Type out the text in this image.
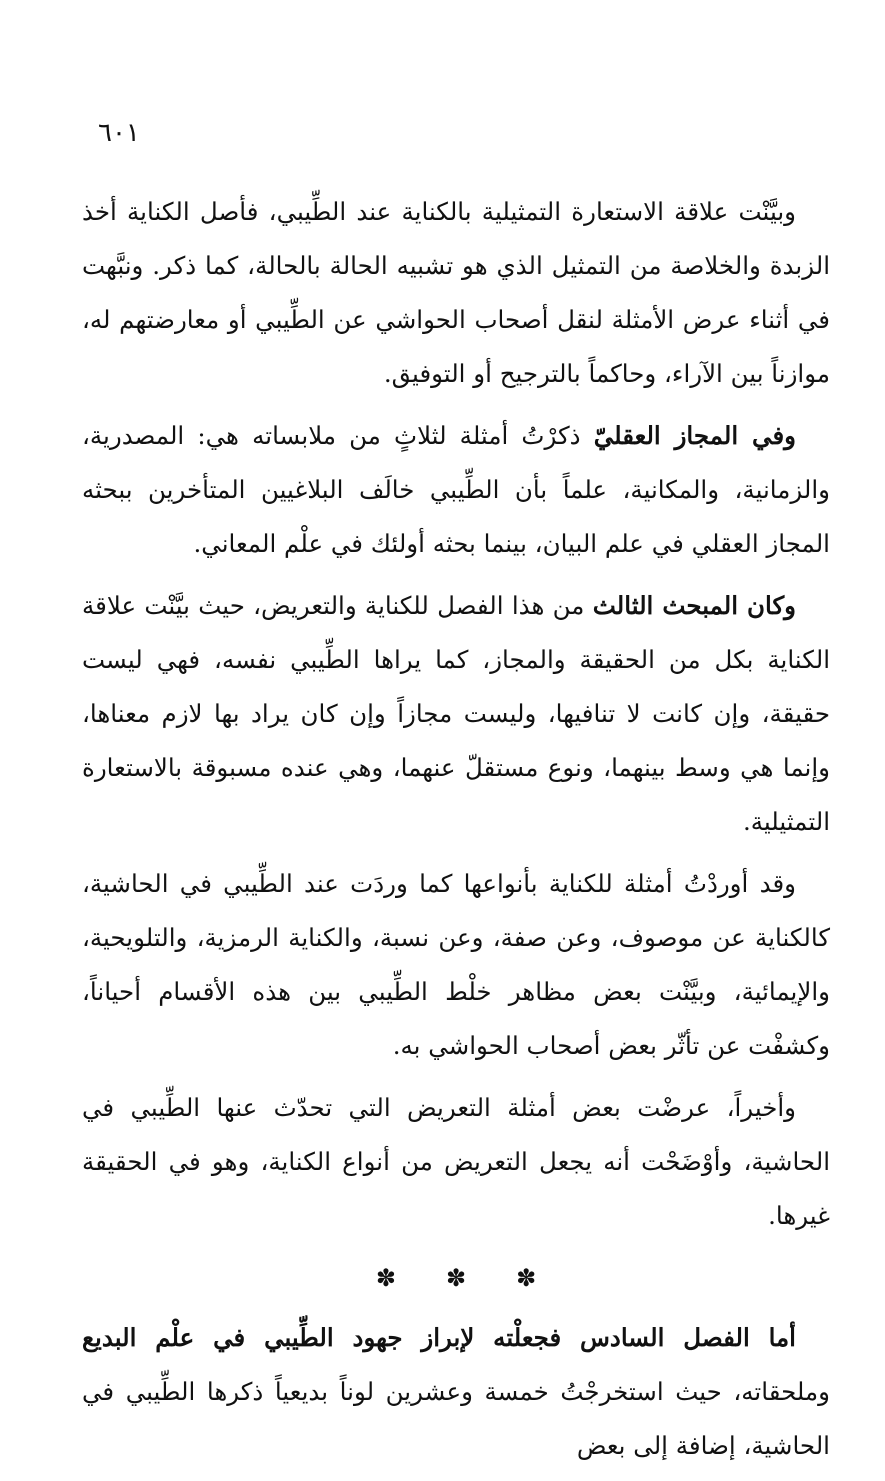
٦٠١

وبيَّنْت علاقة الاستعارة التمثيلية بالكناية عند الطِّيبي، فأصل الكناية أخذ الزبدة والخلاصة من التمثيل الذي هو تشبيه الحالة بالحالة، كما ذكر. ونبَّهت في أثناء عرض الأمثلة لنقل أصحاب الحواشي عن الطِّيبي أو معارضتهم له، موازناً بين الآراء، وحاكماً بالترجيح أو التوفيق.

وفي المجاز العقليّ ذكرْتُ أمثلة لثلاثٍ من ملابساته هي: المصدرية، والزمانية، والمكانية، علماً بأن الطِّيبي خالَف البلاغيين المتأخرين ببحثه المجاز العقلي في علم البيان، بينما بحثه أولئك في علْم المعاني.

وكان المبحث الثالث من هذا الفصل للكناية والتعريض، حيث بيَّنْت علاقة الكناية بكل من الحقيقة والمجاز، كما يراها الطِّيبي نفسه، فهي ليست حقيقة، وإن كانت لا تنافيها، وليست مجازاً وإن كان يراد بها لازم معناها، وإنما هي وسط بينهما، ونوع مستقلّ عنهما، وهي عنده مسبوقة بالاستعارة التمثيلية.

وقد أوردْتُ أمثلة للكناية بأنواعها كما وردَت عند الطِّيبي في الحاشية، كالكناية عن موصوف، وعن صفة، وعن نسبة، والكناية الرمزية، والتلويحية، والإيمائية، وبيَّنْت بعض مظاهر خلْط الطِّيبي بين هذه الأقسام أحياناً، وكشفْت عن تأثّر بعض أصحاب الحواشي به.

وأخيراً، عرضْت بعض أمثلة التعريض التي تحدّث عنها الطِّيبي في الحاشية، وأوْضَحْت أنه يجعل التعريض من أنواع الكناية، وهو في الحقيقة غيرها.

✽
✽
✽

أما الفصل السادس فجعلْته لإبراز جهود الطِّيبي في علْم البديع وملحقاته، حيث استخرجْتُ خمسة وعشرين لوناً بديعياً ذكرها الطِّيبي في الحاشية، إضافة إلى بعض
